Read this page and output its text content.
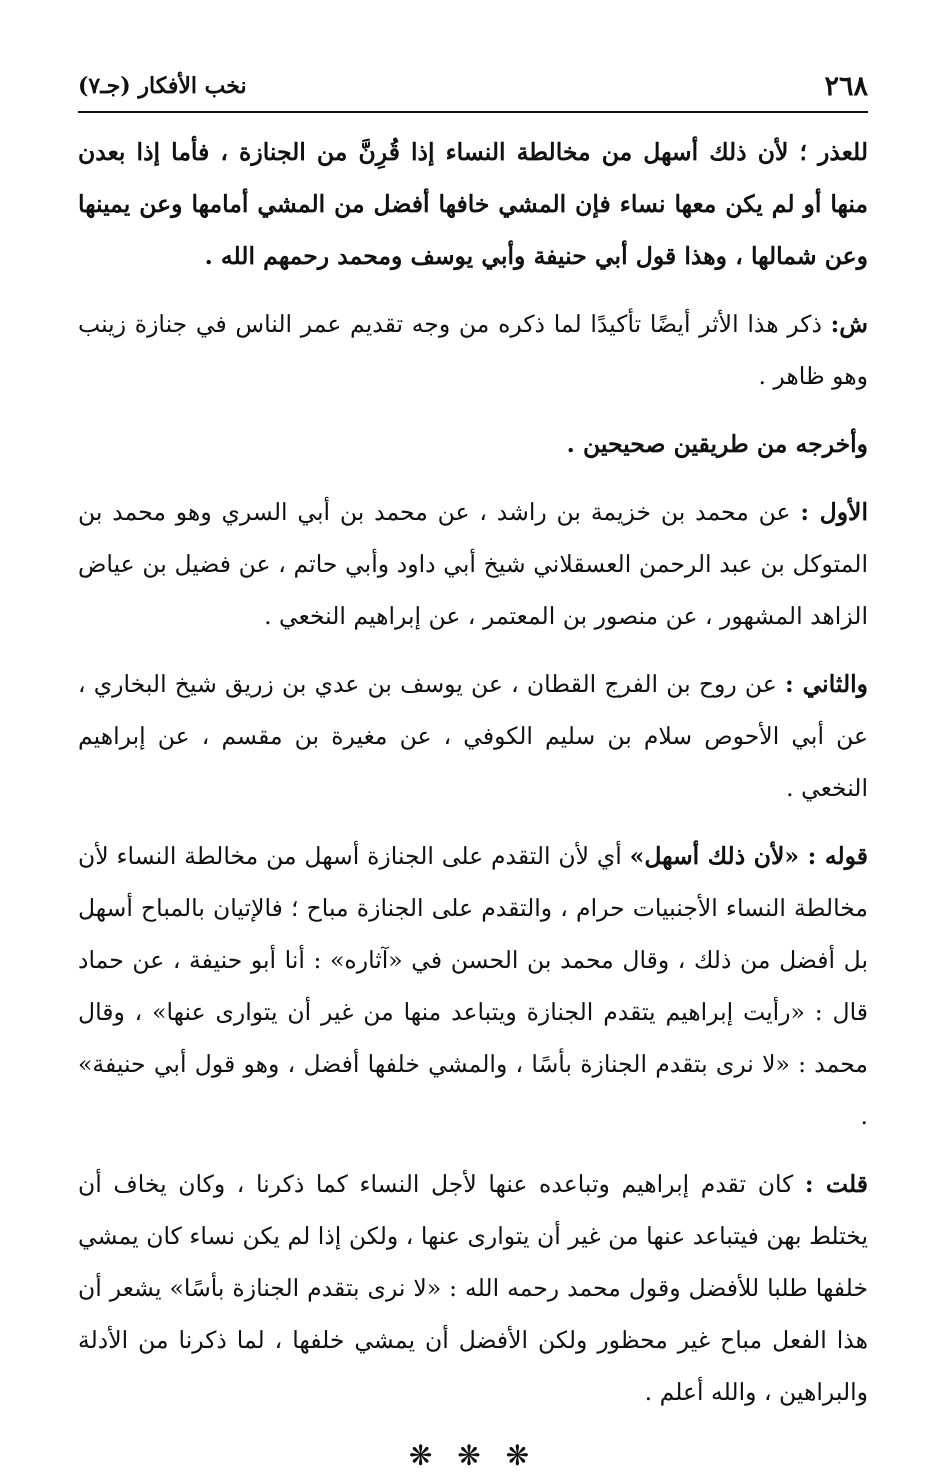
٢٦٨
نخب الأفكار (جـ٧)

للعذر ؛ لأن ذلك أسهل من مخالطة النساء إذا قُرِنَّ من الجنازة ، فأما إذا بعدن منها أو لم يكن معها نساء فإن المشي خافها أفضل من المشي أمامها وعن يمينها وعن شمالها ، وهذا قول أبي حنيفة وأبي يوسف ومحمد رحمهم الله .

ش: ذكر هذا الأثر أيضًا تأكيدًا لما ذكره من وجه تقديم عمر الناس في جنازة زينب وهو ظاهر .

وأخرجه من طريقين صحيحين .

الأول : عن محمد بن خزيمة بن راشد ، عن محمد بن أبي السري وهو محمد بن المتوكل بن عبد الرحمن العسقلاني شيخ أبي داود وأبي حاتم ، عن فضيل بن عياض الزاهد المشهور ، عن منصور بن المعتمر ، عن إبراهيم النخعي .

والثاني : عن روح بن الفرج القطان ، عن يوسف بن عدي بن زريق شيخ البخاري ، عن أبي الأحوص سلام بن سليم الكوفي ، عن مغيرة بن مقسم ، عن إبراهيم النخعي .

قوله : «لأن ذلك أسهل» أي لأن التقدم على الجنازة أسهل من مخالطة النساء لأن مخالطة النساء الأجنبيات حرام ، والتقدم على الجنازة مباح ؛ فالإتيان بالمباح أسهل بل أفضل من ذلك ، وقال محمد بن الحسن في «آثاره» : أنا أبو حنيفة ، عن حماد قال : «رأيت إبراهيم يتقدم الجنازة ويتباعد منها من غير أن يتوارى عنها» ، وقال محمد : «لا نرى بتقدم الجنازة بأسًا ، والمشي خلفها أفضل ، وهو قول أبي حنيفة» .

قلت : كان تقدم إبراهيم وتباعده عنها لأجل النساء كما ذكرنا ، وكان يخاف أن يختلط بهن فيتباعد عنها من غير أن يتوارى عنها ، ولكن إذا لم يكن نساء كان يمشي خلفها طلبا للأفضل وقول محمد رحمه الله : «لا نرى بتقدم الجنازة بأسًا» يشعر أن هذا الفعل مباح غير محظور ولكن الأفضل أن يمشي خلفها ، لما ذكرنا من الأدلة والبراهين ، والله أعلم .

❋ ❋ ❋
